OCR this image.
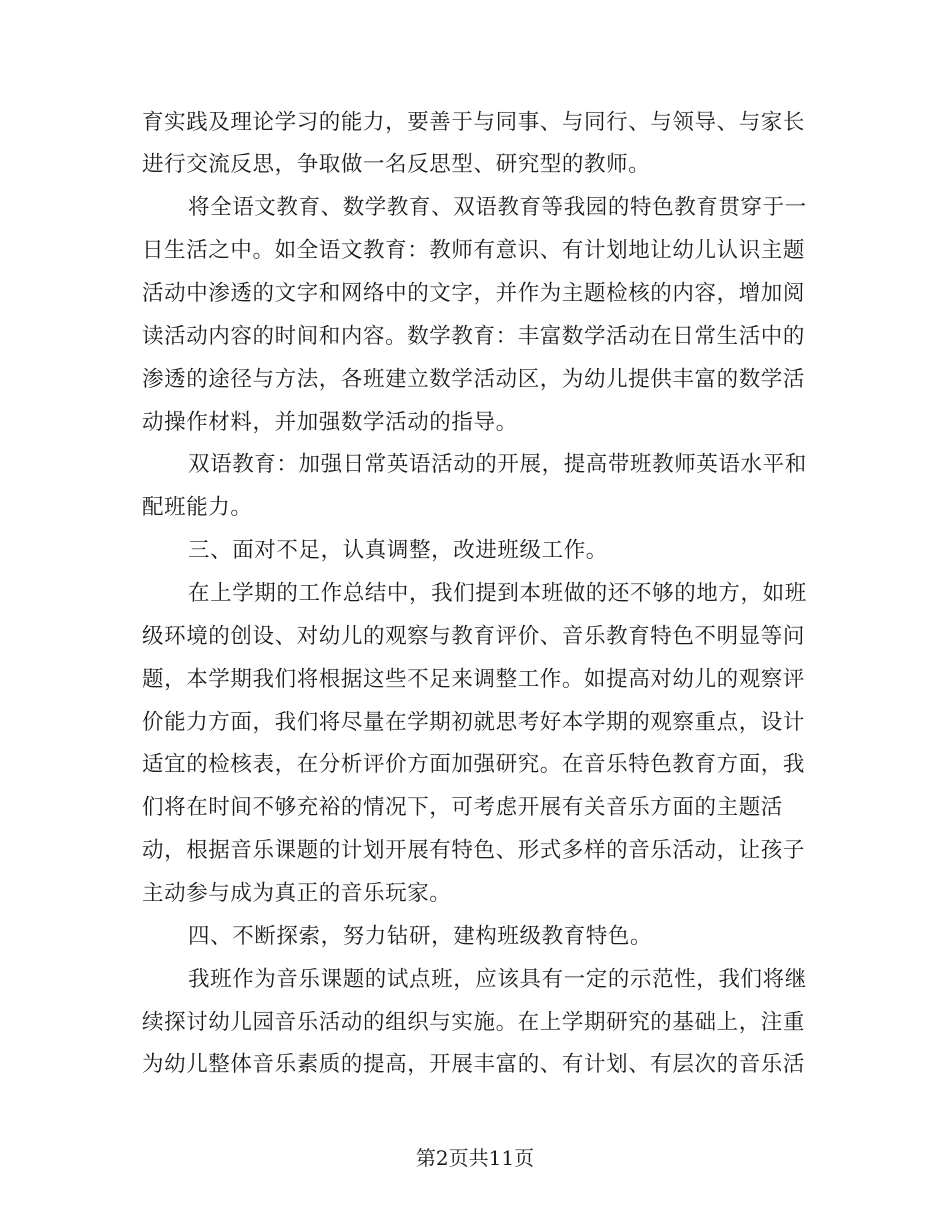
育实践及理论学习的能力，要善于与同事、与同行、与领导、与家长
进行交流反思，争取做一名反思型、研究型的教师。
将全语文教育、数学教育、双语教育等我园的特色教育贯穿于一
日生活之中。如全语文教育：教师有意识、有计划地让幼儿认识主题
活动中渗透的文字和网络中的文字，并作为主题检核的内容，增加阅
读活动内容的时间和内容。数学教育：丰富数学活动在日常生活中的
渗透的途径与方法，各班建立数学活动区，为幼儿提供丰富的数学活
动操作材料，并加强数学活动的指导。
双语教育：加强日常英语活动的开展，提高带班教师英语水平和
配班能力。
三、面对不足，认真调整，改进班级工作。
在上学期的工作总结中，我们提到本班做的还不够的地方，如班
级环境的创设、对幼儿的观察与教育评价、音乐教育特色不明显等问
题，本学期我们将根据这些不足来调整工作。如提高对幼儿的观察评
价能力方面，我们将尽量在学期初就思考好本学期的观察重点，设计
适宜的检核表，在分析评价方面加强研究。在音乐特色教育方面，我
们将在时间不够充裕的情况下，可考虑开展有关音乐方面的主题活
动，根据音乐课题的计划开展有特色、形式多样的音乐活动，让孩子
主动参与成为真正的音乐玩家。
四、不断探索，努力钻研，建构班级教育特色。
我班作为音乐课题的试点班，应该具有一定的示范性，我们将继
续探讨幼儿园音乐活动的组织与实施。在上学期研究的基础上，注重
为幼儿整体音乐素质的提高，开展丰富的、有计划、有层次的音乐活
第2页共11页
